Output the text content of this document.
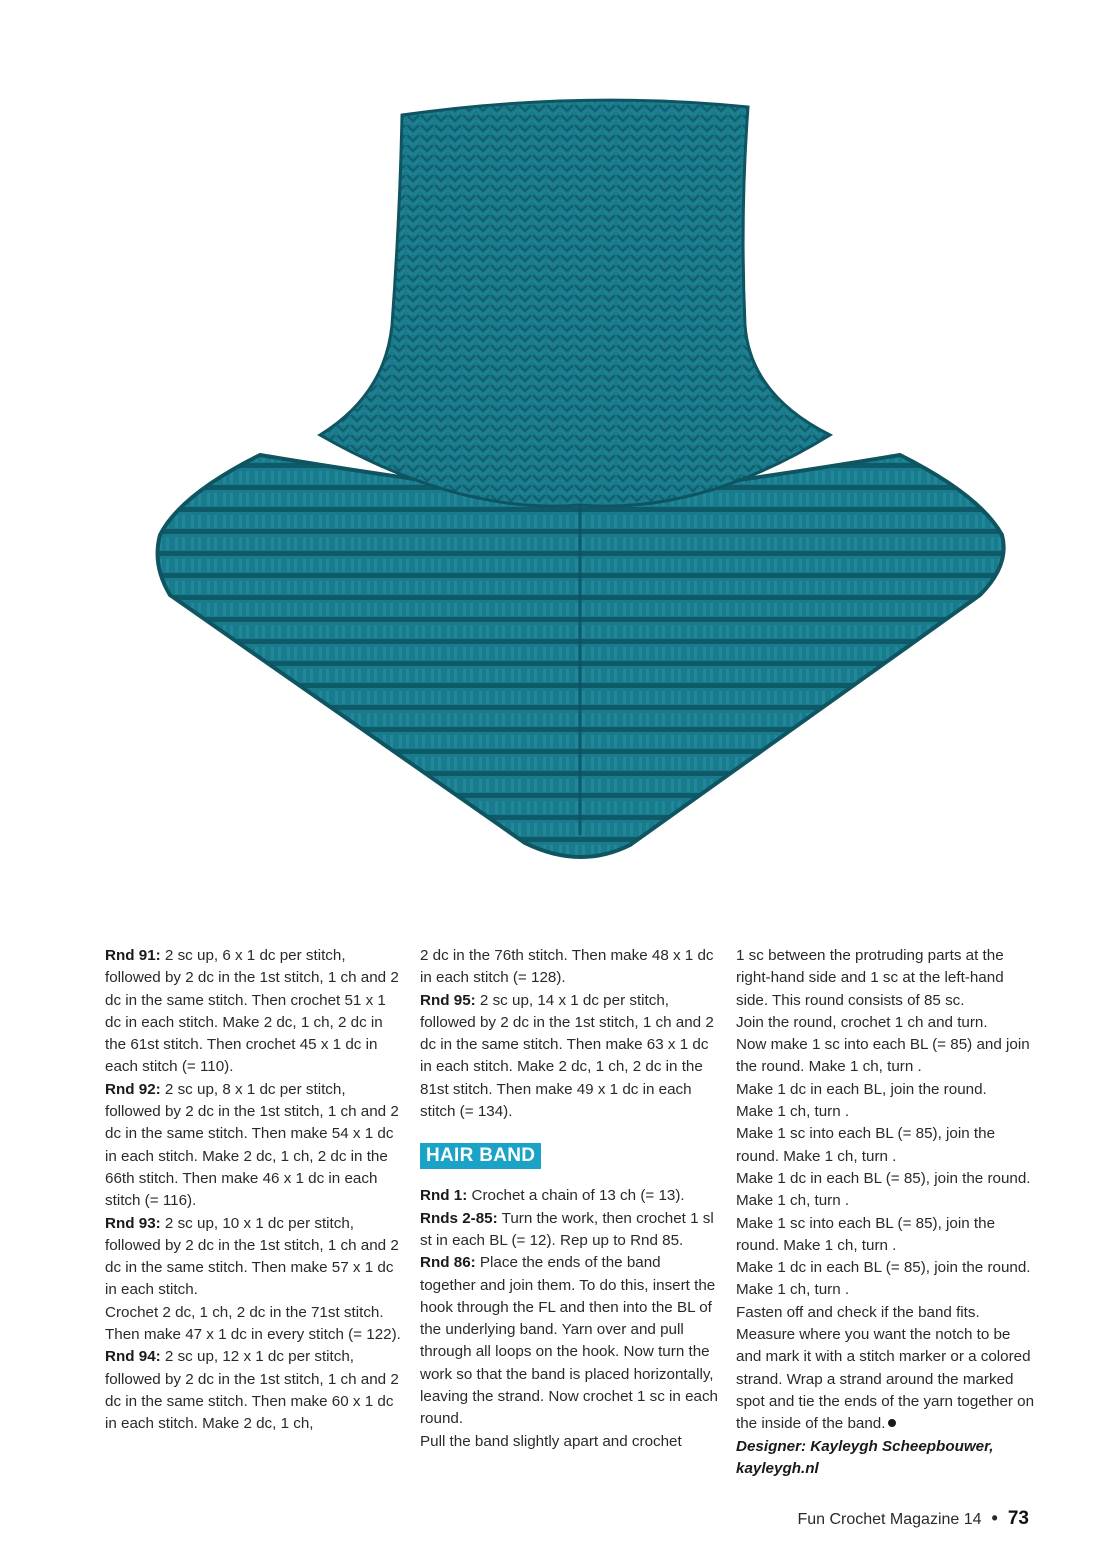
Rnd 91: 2 sc up, 6 x 1 dc per stitch, followed by 2 dc in the 1st stitch, 1 ch and 2 dc in the same stitch. Then crochet 51 x 1 dc in each stitch. Make 2 dc, 1 ch, 2 dc in the 61st stitch. Then crochet 45 x 1 dc in each stitch (= 110).

Rnd 92: 2 sc up, 8 x 1 dc per stitch, followed by 2 dc in the 1st stitch, 1 ch and 2 dc in the same stitch. Then make 54 x 1 dc in each stitch. Make 2 dc, 1 ch, 2 dc in the 66th stitch. Then make 46 x 1 dc in each stitch (= 116).

Rnd 93: 2 sc up, 10 x 1 dc per stitch, followed by 2 dc in the 1st stitch, 1 ch and 2 dc in the same stitch. Then make 57 x 1 dc in each stitch.

Crochet 2 dc, 1 ch, 2 dc in the 71st stitch. Then make 47 x 1 dc in every stitch (= 122).

Rnd 94: 2 sc up, 12 x 1 dc per stitch, followed by 2 dc in the 1st stitch, 1 ch and 2 dc in the same stitch. Then make 60 x 1 dc in each stitch. Make 2 dc, 1 ch,

2 dc in the 76th stitch. Then make 48 x 1 dc in each stitch (= 128).

Rnd 95: 2 sc up, 14 x 1 dc per stitch, followed by 2 dc in the 1st stitch, 1 ch and 2 dc in the same stitch. Then make 63 x 1 dc in each stitch. Make 2 dc, 1 ch, 2 dc in the 81st stitch. Then make 49 x 1 dc in each stitch (= 134).

HAIR BAND

Rnd 1: Crochet a chain of 13 ch (= 13).

Rnds 2-85: Turn the work, then crochet 1 sl st in each BL (= 12). Rep up to Rnd 85.

Rnd 86: Place the ends of the band together and join them. To do this, insert the hook through the FL and then into the BL of the underlying band. Yarn over and pull through all loops on the hook. Now turn the work so that the band is placed horizontally, leaving the strand. Now crochet 1 sc in each round.

Pull the band slightly apart and crochet

1 sc between the protruding parts at the right-hand side and 1 sc at the left-hand side. This round consists of 85 sc.

Join the round, crochet 1 ch and turn.

Now make 1 sc into each BL (= 85) and join the round. Make 1 ch, turn .

Make 1 dc in each BL, join the round.

Make 1 ch, turn .

Make 1 sc into each BL (= 85), join the round. Make 1 ch, turn .

Make 1 dc in each BL (= 85), join the round. Make 1 ch, turn .

Make 1 sc into each BL (= 85), join the round. Make 1 ch, turn .

Make 1 dc in each BL (= 85), join the round. Make 1 ch, turn .

Fasten off and check if the band fits.

Measure where you want the notch to be and mark it with a stitch marker or a colored strand. Wrap a strand around the marked spot and tie the ends of the yarn together on the inside of the band.

Designer: Kayleygh Scheepbouwer,

kayleygh.nl

Fun Crochet Magazine 14 • 73
